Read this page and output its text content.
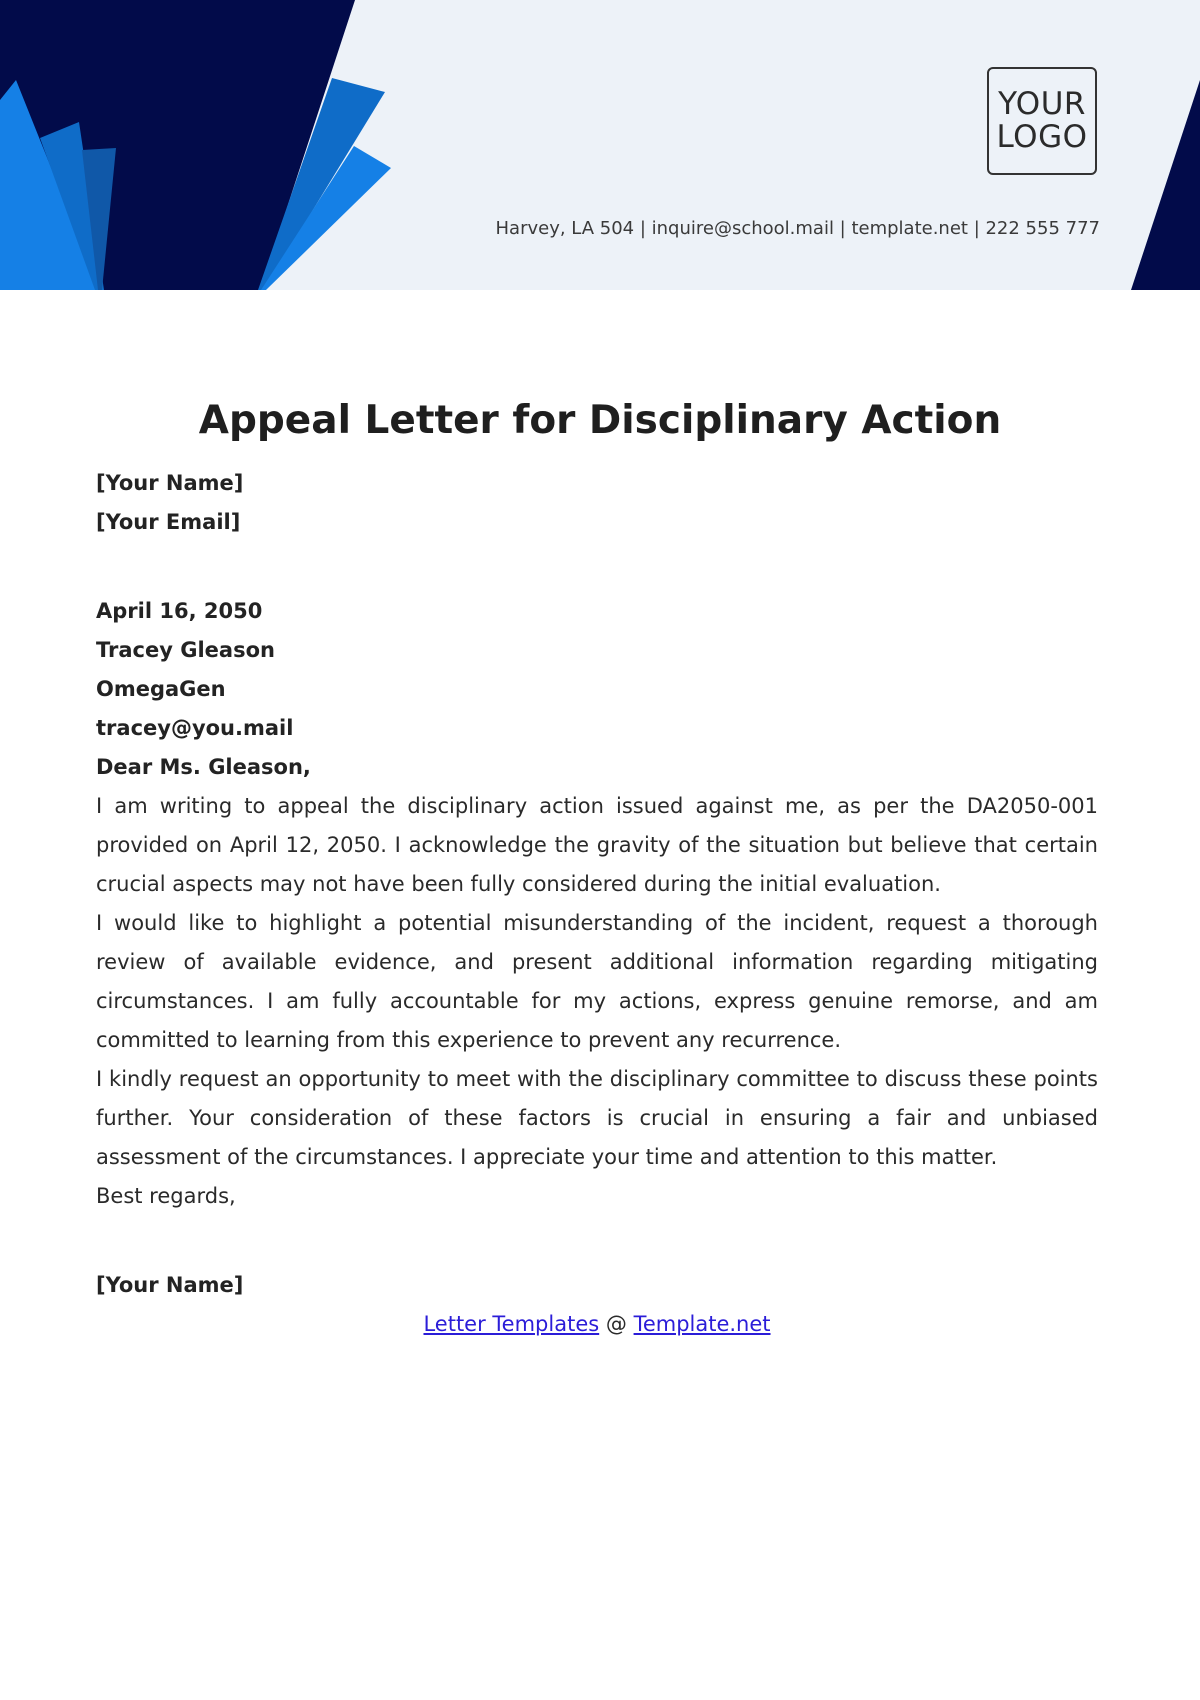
YOUR
LOGO
Harvey, LA 504 | inquire@school.mail | template.net | 222 555 777
Appeal Letter for Disciplinary Action
[Your Name]
[Your Email]
April 16, 2050
Tracey Gleason
OmegaGen
tracey@you.mail
Dear Ms. Gleason,

I am writing to appeal the disciplinary action issued against me, as per the DA2050-001 provided on April 12, 2050. I acknowledge the gravity of the situation but believe that certain crucial aspects may not have been fully considered during the initial evaluation.

I would like to highlight a potential misunderstanding of the incident, request a thorough review of available evidence, and present additional information regarding mitigating circumstances. I am fully accountable for my actions, express genuine remorse, and am committed to learning from this experience to prevent any recurrence.

I kindly request an opportunity to meet with the disciplinary committee to discuss these points further. Your consideration of these factors is crucial in ensuring a fair and unbiased assessment of the circumstances. I appreciate your time and attention to this matter.

Best regards,
[Your Name]
Letter Templates @ Template.net
